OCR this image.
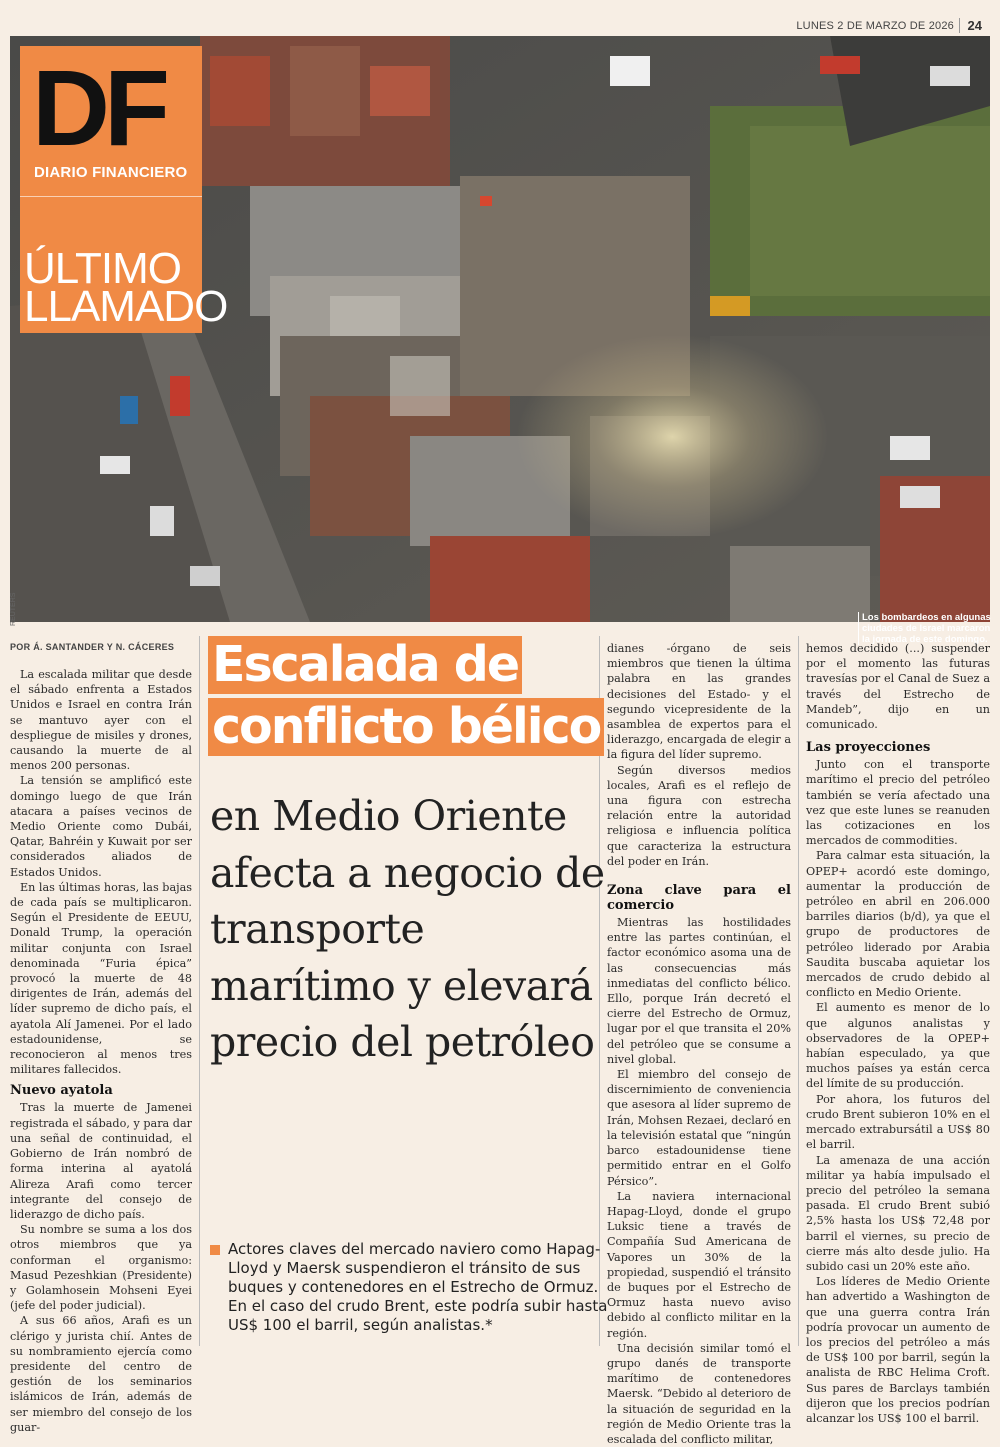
LUNES 2 DE MARZO DE 2026	24
DF
DIARIO FINANCIERO
ÚLTIMO LLAMADO
REUTERS	Los bombardeos en algunas ciudades de Israel marcaron la jornada de este domingo.
POR Á. SANTANDER Y N. CÁCERES

La escalada militar que desde el sábado enfrenta a Estados Unidos e Israel en contra Irán se mantuvo ayer con el despliegue de misiles y drones, causando la muerte de al menos 200 personas.

La tensión se amplificó este domingo luego de que Irán atacara a países vecinos de Medio Oriente como Dubái, Qatar, Bahréin y Kuwait por ser considerados aliados de Estados Unidos.

En las últimas horas, las bajas de cada país se multiplicaron. Según el Presidente de EEUU, Donald Trump, la operación militar conjunta con Israel denominada “Furia épica” provocó la muerte de 48 dirigentes de Irán, además del líder supremo de dicho país, el ayatola Alí Jamenei. Por el lado estadounidense, se reconocieron al menos tres militares fallecidos.

Nuevo ayatola

Tras la muerte de Jamenei registrada el sábado, y para dar una señal de continuidad, el Gobierno de Irán nombró de forma interina al ayatolá Alireza Arafi como tercer integrante del consejo de liderazgo de dicho país.

Su nombre se suma a los dos otros miembros que ya conforman el organismo: Masud Pezeshkian (Presidente) y Golamhosein Mohseni Eyei (jefe del poder judicial).

A sus 66 años, Arafi es un clérigo y jurista chií. Antes de su nombramiento ejercía como presidente del centro de gestión de los seminarios islámicos de Irán, además de ser miembro del consejo de los guar-

Escalada de
conflicto bélico
en Medio Oriente afecta a negocio de transporte marítimo y elevará precio del petróleo
Actores claves del mercado naviero como Hapag-Lloyd y Maersk suspendieron el tránsito de sus buques y contenedores en el Estrecho de Ormuz. En el caso del crudo Brent, este podría subir hasta US$ 100 el barril, según analistas.*

dianes -órgano de seis miembros que tienen la última palabra en las grandes decisiones del Estado- y el segundo vicepresidente de la asamblea de expertos para el liderazgo, encargada de elegir a la figura del líder supremo.

Según diversos medios locales, Arafi es el reflejo de una figura con estrecha relación entre la autoridad religiosa e influencia política que caracteriza la estructura del poder en Irán.

Zona clave para el comercio

Mientras las hostilidades entre las partes continúan, el factor económico asoma una de las consecuencias más inmediatas del conflicto bélico. Ello, porque Irán decretó el cierre del Estrecho de Ormuz, lugar por el que transita el 20% del petróleo que se consume a nivel global.

El miembro del consejo de discernimiento de conveniencia que asesora al líder supremo de Irán, Mohsen Rezaei, declaró en la televisión estatal que “ningún barco estadounidense tiene permitido entrar en el Golfo Pérsico”.

La naviera internacional Hapag-Lloyd, donde el grupo Luksic tiene a través de Compañía Sud Americana de Vapores un 30% de la propiedad, suspendió el tránsito de buques por el Estrecho de Ormuz hasta nuevo aviso debido al conflicto militar en la región.

Una decisión similar tomó el grupo danés de transporte marítimo de contenedores Maersk. “Debido al deterioro de la situación de seguridad en la región de Medio Oriente tras la escalada del conflicto militar,

hemos decidido (...) suspender por el momento las futuras travesías por el Canal de Suez a través del Estrecho de Mandeb”, dijo en un comunicado.

Las proyecciones

Junto con el transporte marítimo el precio del petróleo también se vería afectado una vez que este lunes se reanuden las cotizaciones en los mercados de commodities.

Para calmar esta situación, la OPEP+ acordó este domingo, aumentar la producción de petróleo en abril en 206.000 barriles diarios (b/d), ya que el grupo de productores de petróleo liderado por Arabia Saudita buscaba aquietar los mercados de crudo debido al conflicto en Medio Oriente.

El aumento es menor de lo que algunos analistas y observadores de la OPEP+ habían especulado, ya que muchos países ya están cerca del límite de su producción.

Por ahora, los futuros del crudo Brent subieron 10% en el mercado extrabursátil a US$ 80 el barril.

La amenaza de una acción militar ya había impulsado el precio del petróleo la semana pasada. El crudo Brent subió 2,5% hasta los US$ 72,48 por barril el viernes, su precio de cierre más alto desde julio. Ha subido casi un 20% este año.

Los líderes de Medio Oriente han advertido a Washington de que una guerra contra Irán podría provocar un aumento de los precios del petróleo a más de US$ 100 por barril, según la analista de RBC Helima Croft. Sus pares de Barclays también dijeron que los precios podrían alcanzar los US$ 100 el barril.
